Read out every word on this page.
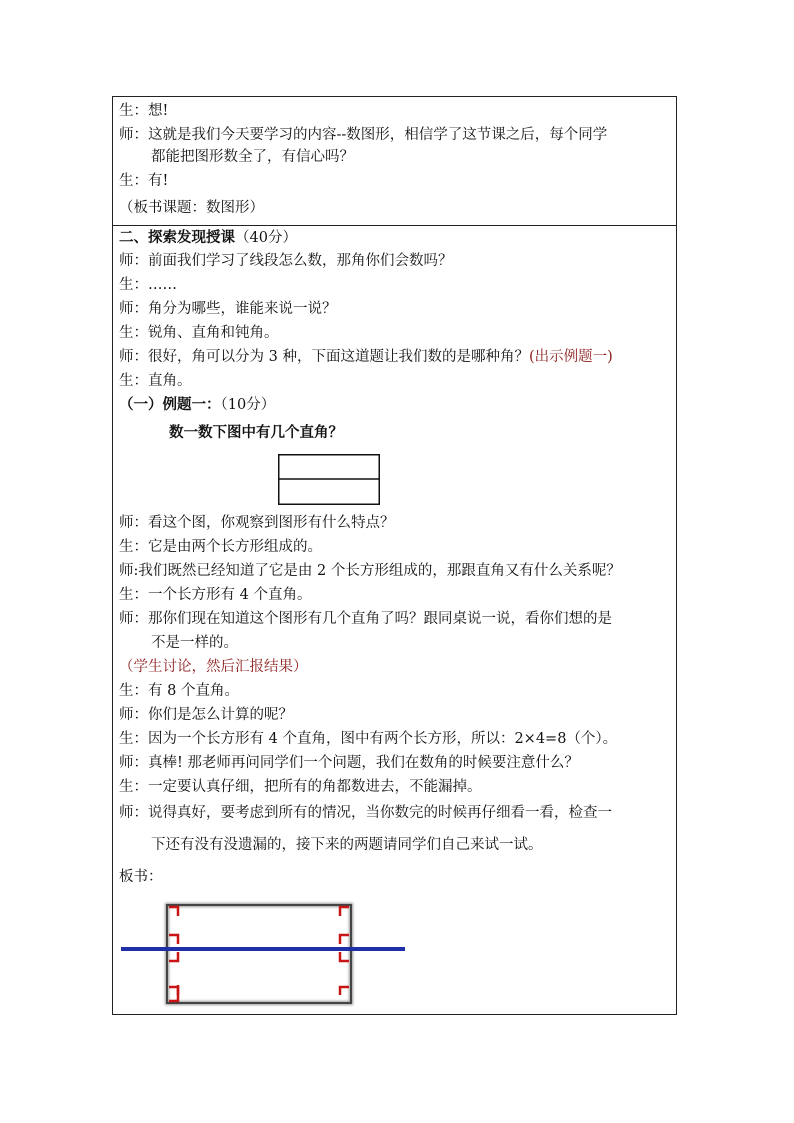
生：想!
师：这就是我们今天要学习的内容--数图形，相信学了这节课之后，每个同学
都能把图形数全了，有信心吗？
生：有!
（板书课题：数图形）
二、探索发现授课（40分）
师：前面我们学习了线段怎么数，那角你们会数吗？
生：……
师：角分为哪些，谁能来说一说？
生：锐角、直角和钝角。
师：很好，角可以分为 3 种，下面这道题让我们数的是哪种角？(出示例题一)
生：直角。
（一）例题一：（10分）
数一数下图中有几个直角？
师：看这个图，你观察到图形有什么特点？
生：它是由两个长方形组成的。
师:我们既然已经知道了它是由 2 个长方形组成的，那跟直角又有什么关系呢？
生：一个长方形有 4 个直角。
师：那你们现在知道这个图形有几个直角了吗？跟同桌说一说，看你们想的是
不是一样的。
（学生讨论，然后汇报结果）
生：有 8 个直角。
师：你们是怎么计算的呢？
生：因为一个长方形有 4 个直角，图中有两个长方形，所以：2×4=8（个）。
师：真棒! 那老师再问同学们一个问题，我们在数角的时候要注意什么？
生：一定要认真仔细，把所有的角都数进去，不能漏掉。
师：说得真好，要考虑到所有的情况，当你数完的时候再仔细看一看，检查一
下还有没有没遗漏的，接下来的两题请同学们自己来试一试。
板书：
